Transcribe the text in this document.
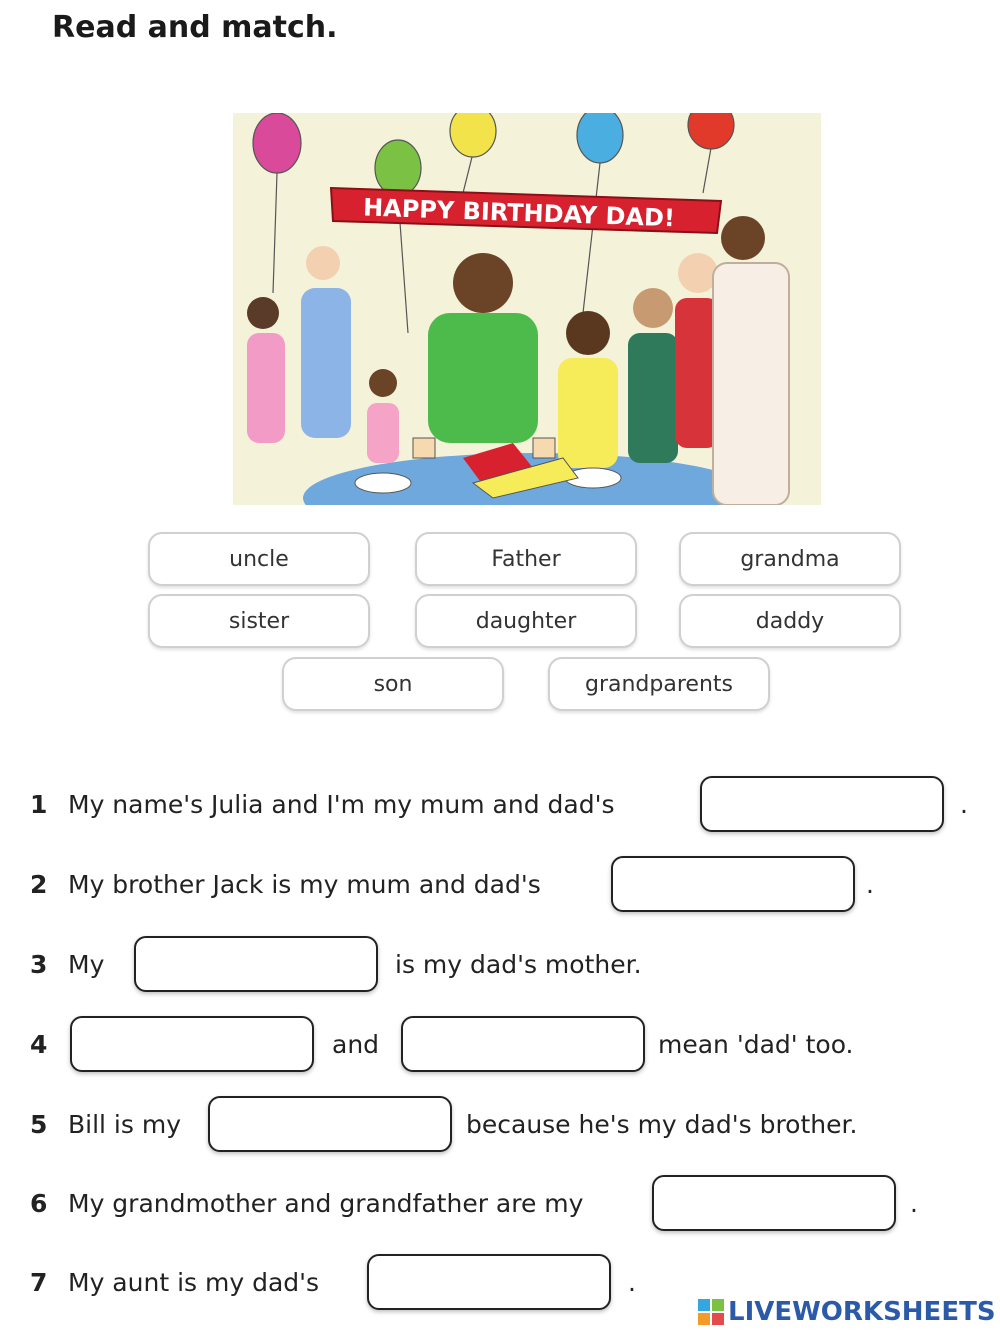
Read and match.
HAPPY BIRTHDAY DAD!
uncle	Father	grandma
sister	daughter	daddy
son	grandparents
1 My name's Julia and I'm my mum and dad's	.
2 My brother Jack is my mum and dad's	.
3 My	is my dad's mother.
4	and	mean 'dad' too.
5 Bill is my	because he's my dad's brother.
6 My grandmother and grandfather are my	.
7 My aunt is my dad's	.
LIVEWORKSHEETS
